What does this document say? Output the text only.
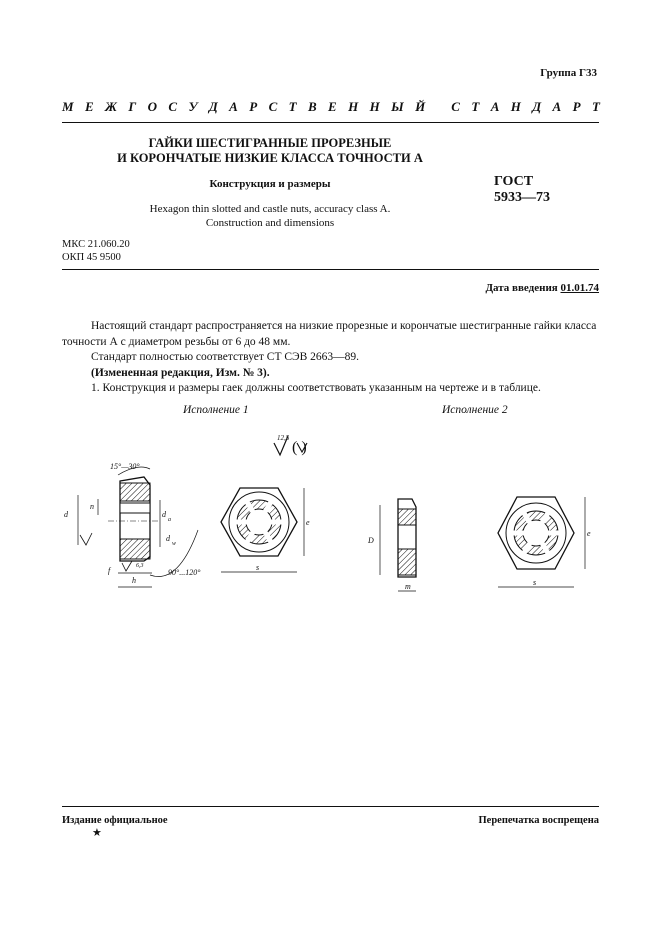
Группа Г33
М Е Ж Г О С У Д А Р С Т В Е Н Н Ы Й
С Т А Н Д А Р Т
ГАЙКИ ШЕСТИГРАННЫЕ ПРОРЕЗНЫЕ
И КОРОНЧАТЫЕ НИЗКИЕ КЛАССА ТОЧНОСТИ А
Конструкция и размеры
Hexagon thin slotted and castle nuts, accuracy class A.
Construction and dimensions
ГОСТ
5933—73
МКС 21.060.20
ОКП 45 9500
Дата введения 01.01.74

Настоящий стандарт распространяется на низкие прорезные и корончатые шестигранные гайки класса точности А с диаметром резьбы от 6 до 48 мм.

Стандарт полностью соответствует СТ СЭВ 2663—89.

(Измененная редакция, Изм. № 3).

1. Конструкция и размеры гаек должны соответствовать указанным на чертеже и в таблице.

Исполнение 1	Исполнение 2
12,5
( )
d
n
h
f
d
a
d
w
15°—30°
90°...120°
6,3	s
e
D
m	s
e
Издание официальное	Перепечатка воспрещена
★
